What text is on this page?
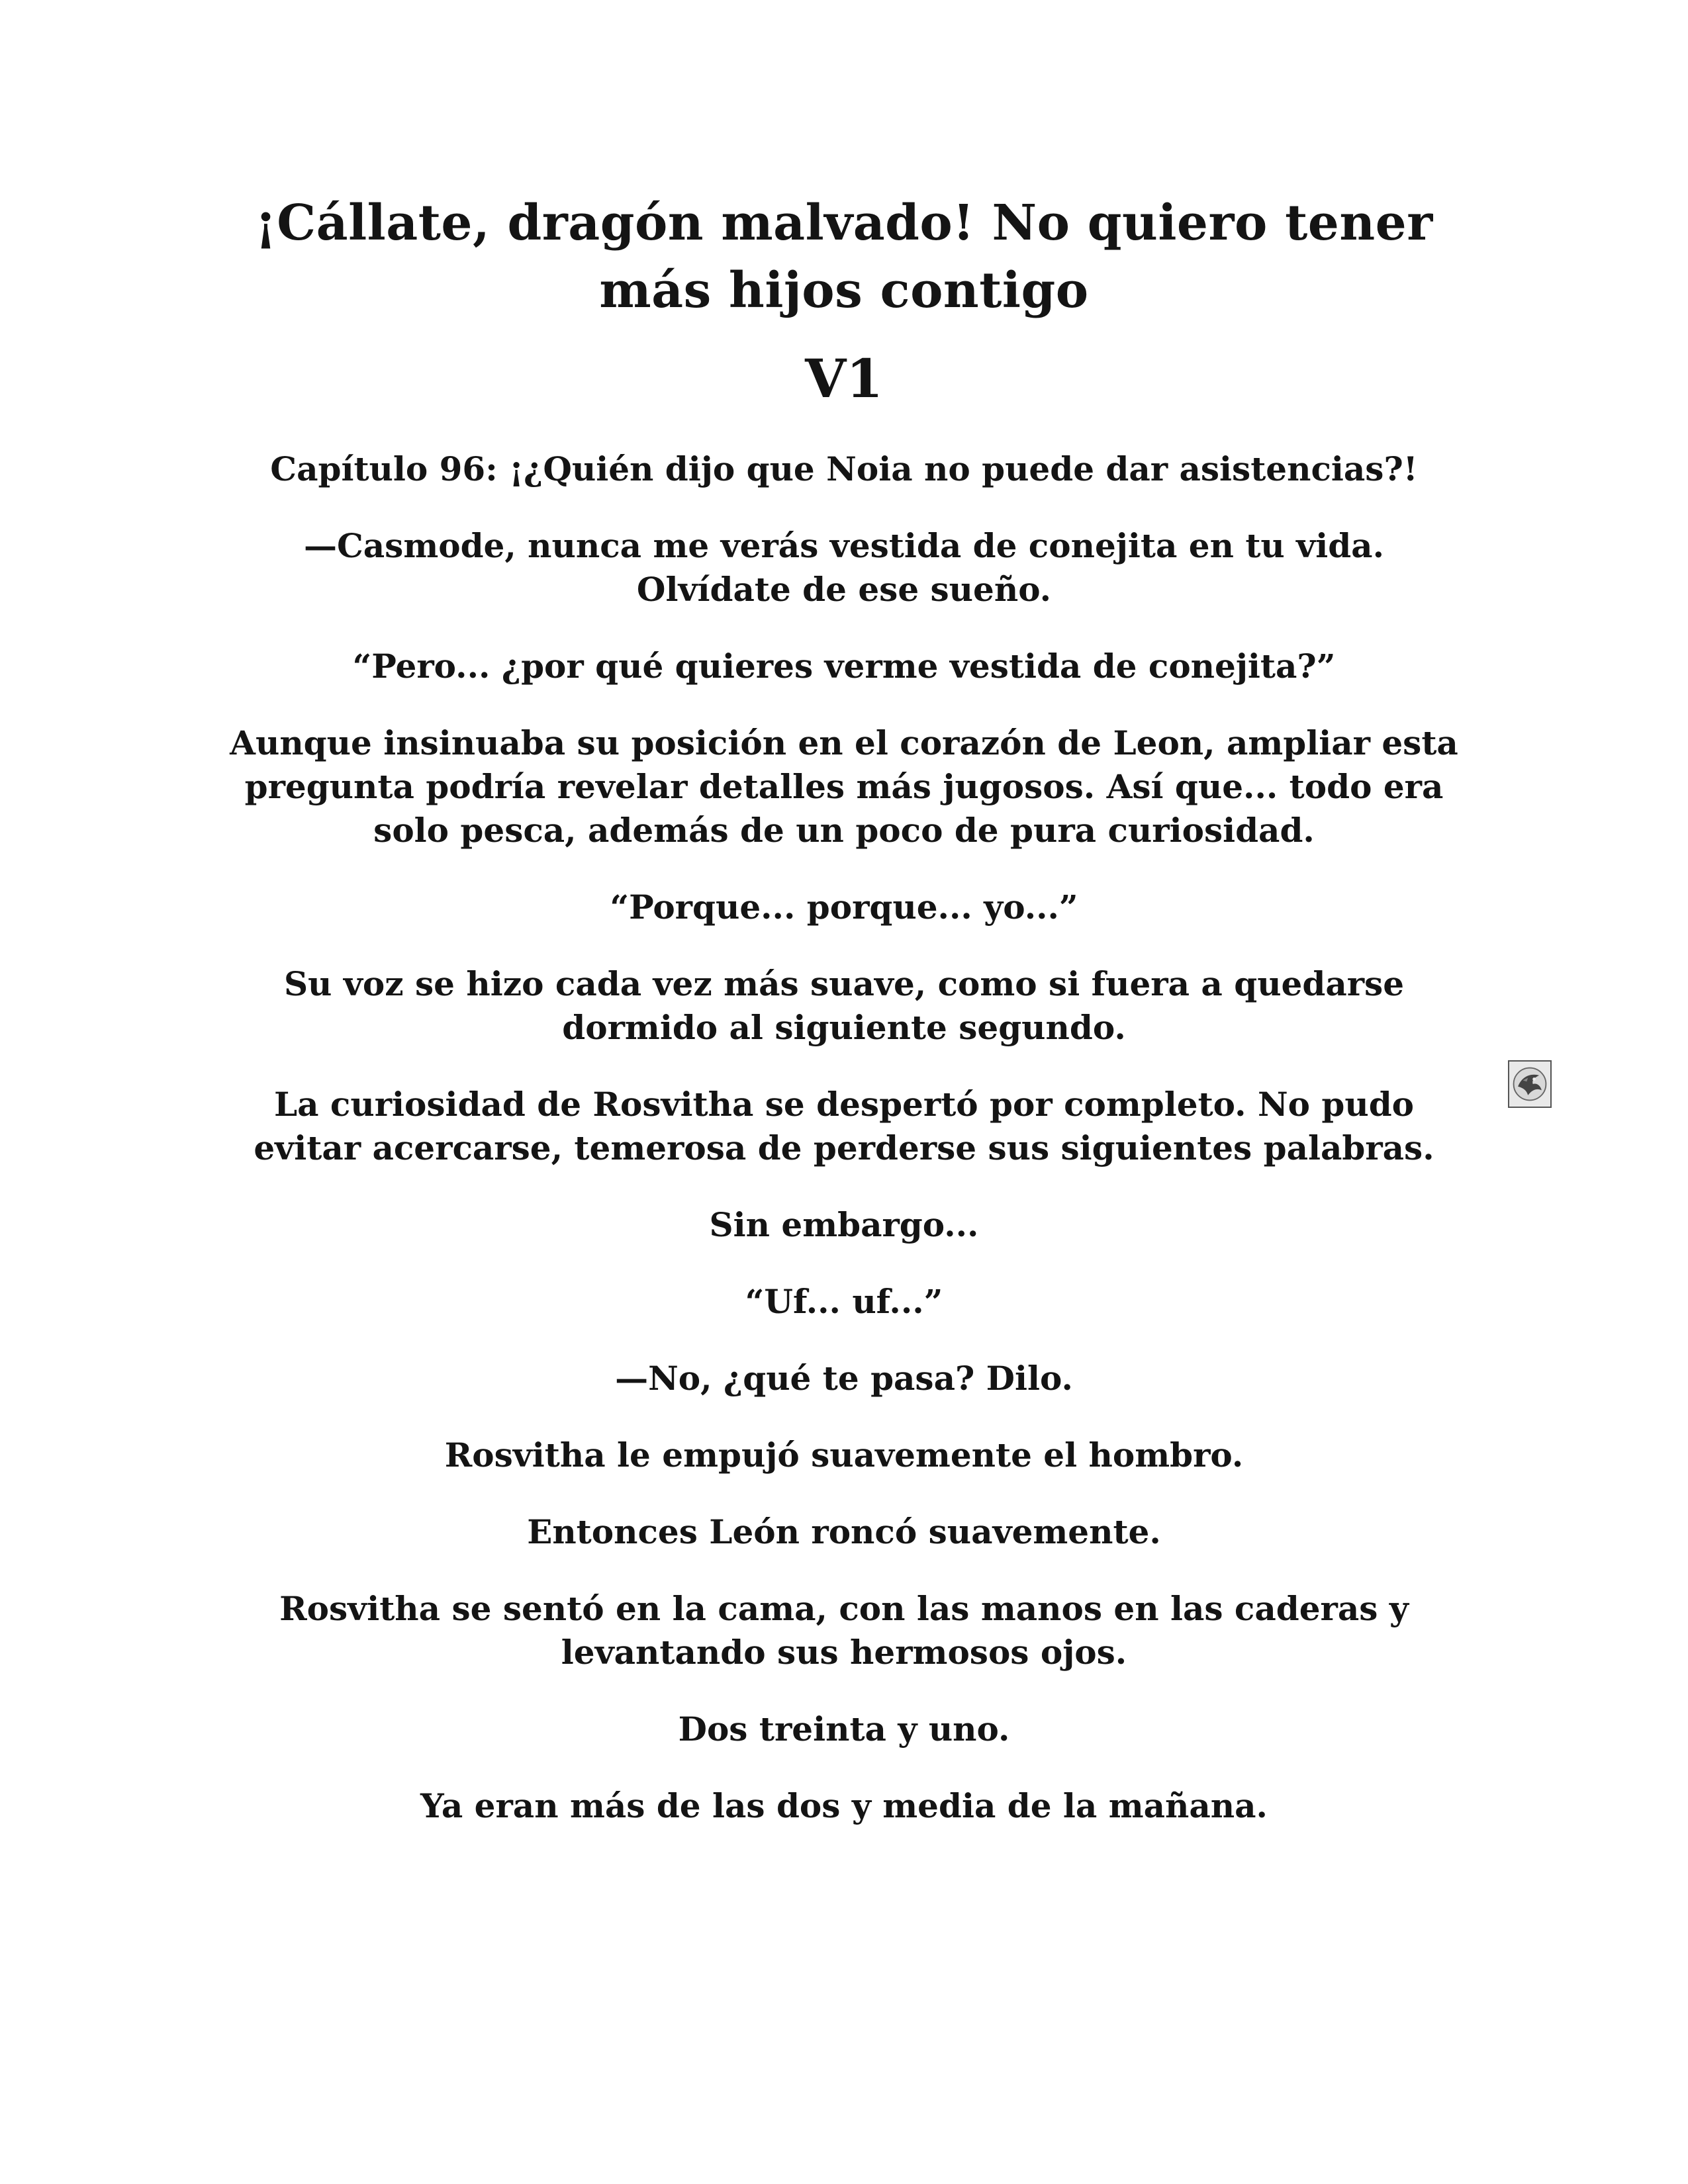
¡Cállate, dragón malvado! No quiero tener más hijos contigo
V1
Capítulo 96: ¡¿Quién dijo que Noia no puede dar asistencias?!

—Casmode, nunca me verás vestida de conejita en tu vida. Olvídate de ese sueño.

“Pero... ¿por qué quieres verme vestida de conejita?”

Aunque insinuaba su posición en el corazón de Leon, ampliar esta pregunta podría revelar detalles más jugosos. Así que... todo era solo pesca, además de un poco de pura curiosidad.

“Porque... porque... yo...”

Su voz se hizo cada vez más suave, como si fuera a quedarse dormido al siguiente segundo.

La curiosidad de Rosvitha se despertó por completo. No pudo evitar acercarse, temerosa de perderse sus siguientes palabras.

Sin embargo...

“Uf... uf...”

—No, ¿qué te pasa? Dilo.

Rosvitha le empujó suavemente el hombro.

Entonces León roncó suavemente.

Rosvitha se sentó en la cama, con las manos en las caderas y levantando sus hermosos ojos.

Dos treinta y uno.

Ya eran más de las dos y media de la mañana.
